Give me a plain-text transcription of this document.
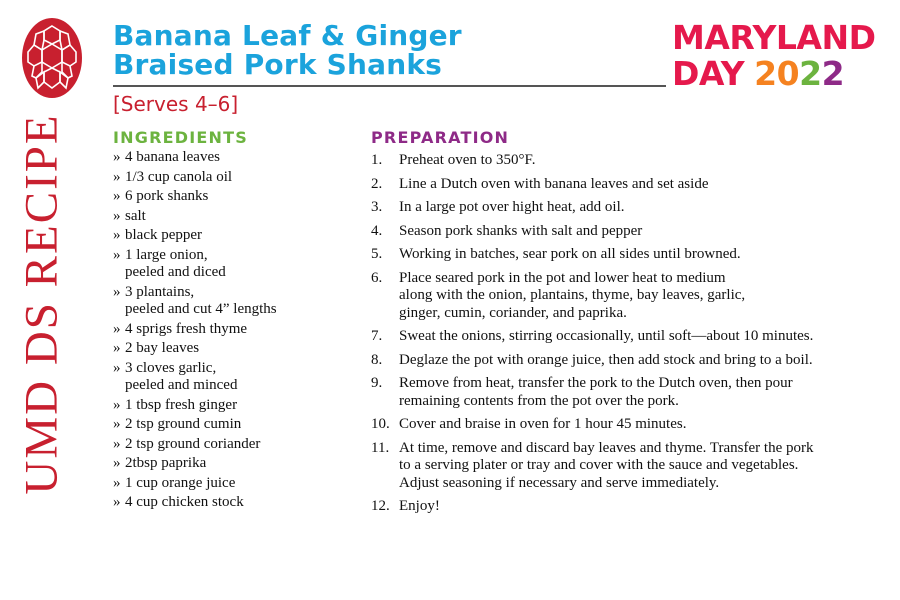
UMD DS RECIPE
Banana Leaf & Ginger
Braised Pork Shanks
[Serves 4–6]
MARYLAND
DAY 2022
INGREDIENTS
» 4 banana leaves
» 1/3 cup canola oil
» 6 pork shanks
» salt
» black pepper
» 1 large onion,
peeled and diced
» 3 plantains,
peeled and cut 4” lengths
» 4 sprigs fresh thyme
» 2 bay leaves
» 3 cloves garlic,
peeled and minced
» 1 tbsp fresh ginger
» 2 tsp ground cumin
» 2 tsp ground coriander
» 2tbsp paprika
» 1 cup orange juice
» 4 cup chicken stock
PREPARATION
1.	Preheat oven to 350°F.
2.	Line a Dutch oven with banana leaves and set aside
3.	In a large pot over hight heat, add oil.
4.	Season pork shanks with salt and pepper
5.	Working in batches, sear pork on all sides until browned.
6.	Place seared pork in the pot and lower heat to medium
along with the onion, plantains, thyme, bay leaves, garlic,
ginger, cumin, coriander, and paprika.
7.	Sweat the onions, stirring occasionally, until soft—about 10 minutes.
8.	Deglaze the pot with orange juice, then add stock and bring to a boil.
9.	Remove from heat, transfer the pork to the Dutch oven, then pour
remaining contents from the pot over the pork.
10. Cover and braise in oven for 1 hour 45 minutes.
11. At time, remove and discard bay leaves and thyme. Transfer the pork
to a serving plater or tray and cover with the sauce and vegetables.
Adjust seasoning if necessary and serve immediately.
12. Enjoy!
